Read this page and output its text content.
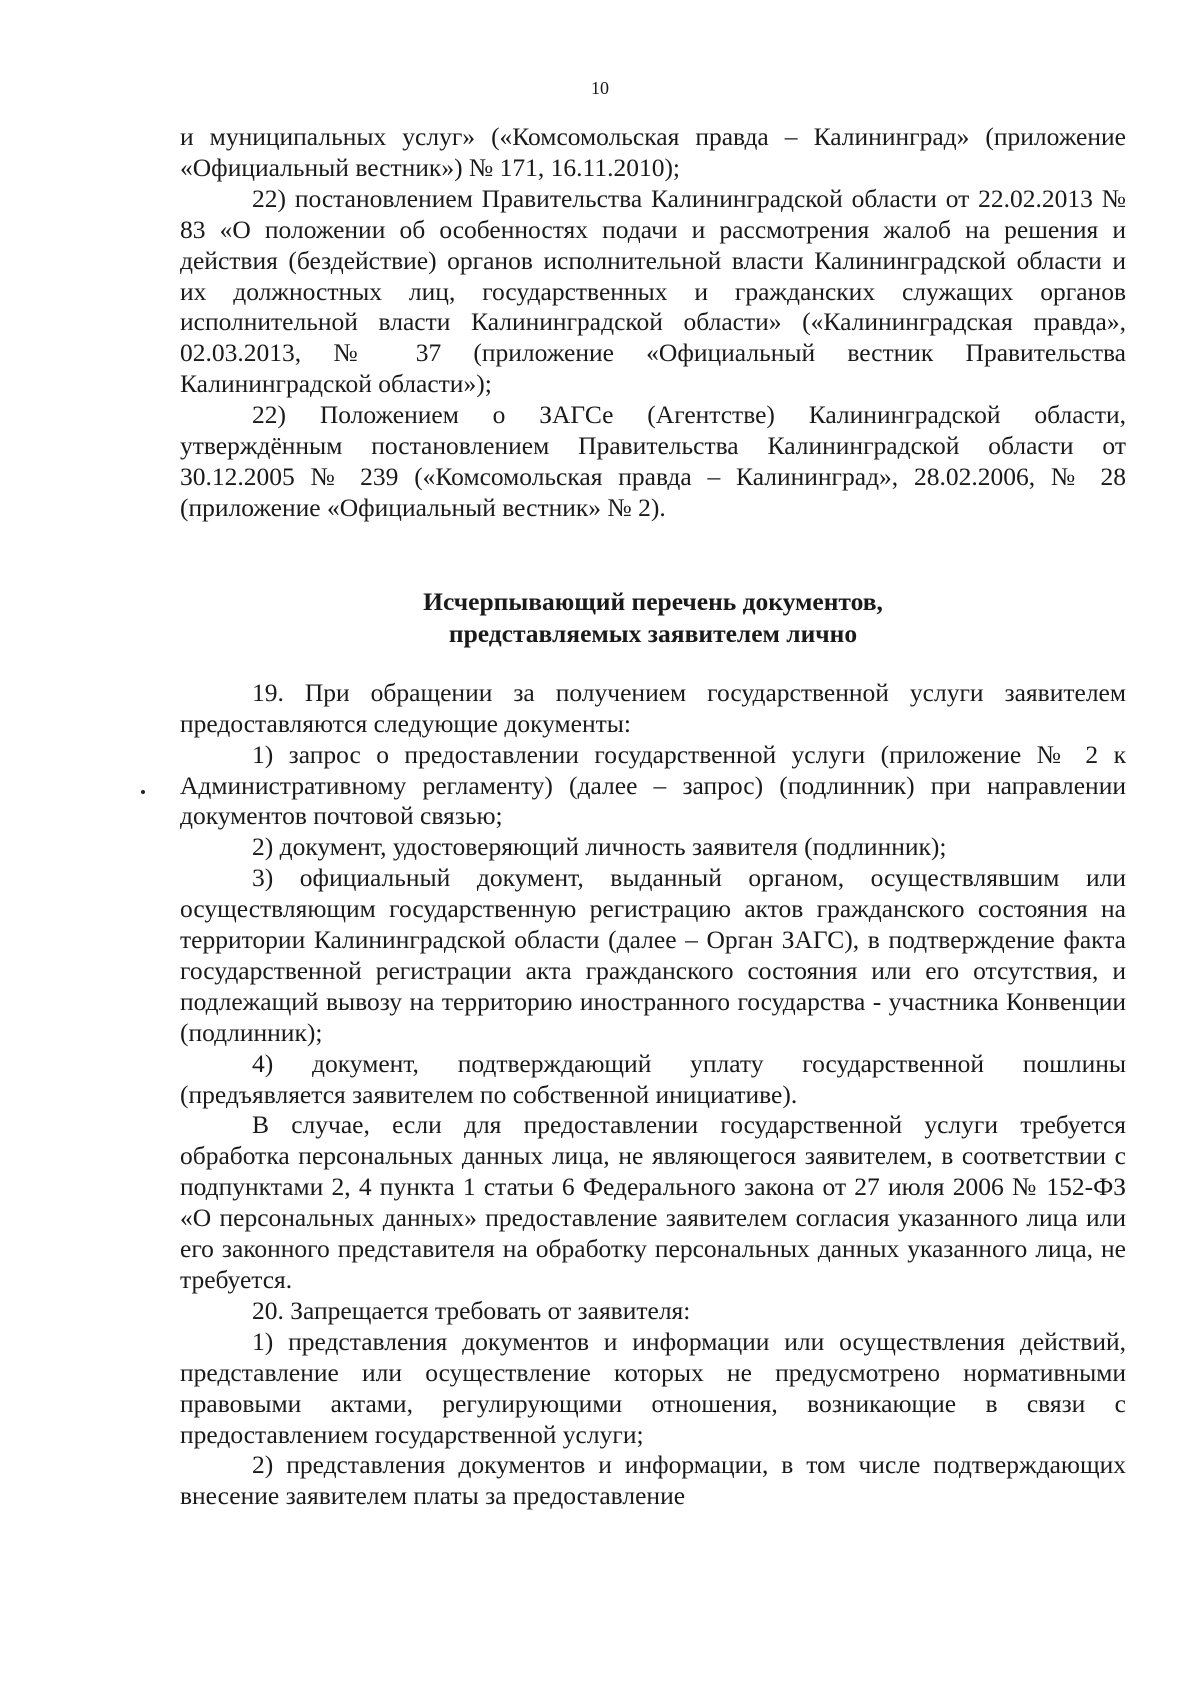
10

и муниципальных услуг» («Комсомольская правда – Калининград» (приложение «Официальный вестник») № 171, 16.11.2010);

22) постановлением Правительства Калининградской области от 22.02.2013 № 83 «О положении об особенностях подачи и рассмотрения жалоб на решения и действия (бездействие) органов исполнительной власти Калининградской области и их должностных лиц, государственных и гражданских служащих органов исполнительной власти Калининградской области» («Калининградская правда», 02.03.2013, № 37 (приложение «Официальный вестник Правительства Калининградской области»);

22) Положением о ЗАГСе (Агентстве) Калининградской области, утверждённым постановлением Правительства Калининградской области от 30.12.2005 № 239 («Комсомольская правда – Калининград», 28.02.2006, № 28 (приложение «Официальный вестник» № 2).

Исчерпывающий перечень документов,
представляемых заявителем лично

19. При обращении за получением государственной услуги заявителем предоставляются следующие документы:

1) запрос о предоставлении государственной услуги (приложение № 2 к Административному регламенту) (далее – запрос) (подлинник) при направлении документов почтовой связью;

2) документ, удостоверяющий личность заявителя (подлинник);

3) официальный документ, выданный органом, осуществлявшим или осуществляющим государственную регистрацию актов гражданского состояния на территории Калининградской области (далее – Орган ЗАГС), в подтверждение факта государственной регистрации акта гражданского состояния или его отсутствия, и подлежащий вывозу на территорию иностранного государства - участника Конвенции (подлинник);

4) документ, подтверждающий уплату государственной пошлины (предъявляется заявителем по собственной инициативе).

В случае, если для предоставлении государственной услуги требуется обработка персональных данных лица, не являющегося заявителем, в соответствии с подпунктами 2, 4 пункта 1 статьи 6 Федерального закона от 27 июля 2006 № 152-ФЗ «О персональных данных» предоставление заявителем согласия указанного лица или его законного представителя на обработку персональных данных указанного лица, не требуется.

20. Запрещается требовать от заявителя:

1) представления документов и информации или осуществления действий, представление или осуществление которых не предусмотрено нормативными правовыми актами, регулирующими отношения, возникающие в связи с предоставлением государственной услуги;

2) представления документов и информации, в том числе подтверждающих внесение заявителем платы за предоставление
